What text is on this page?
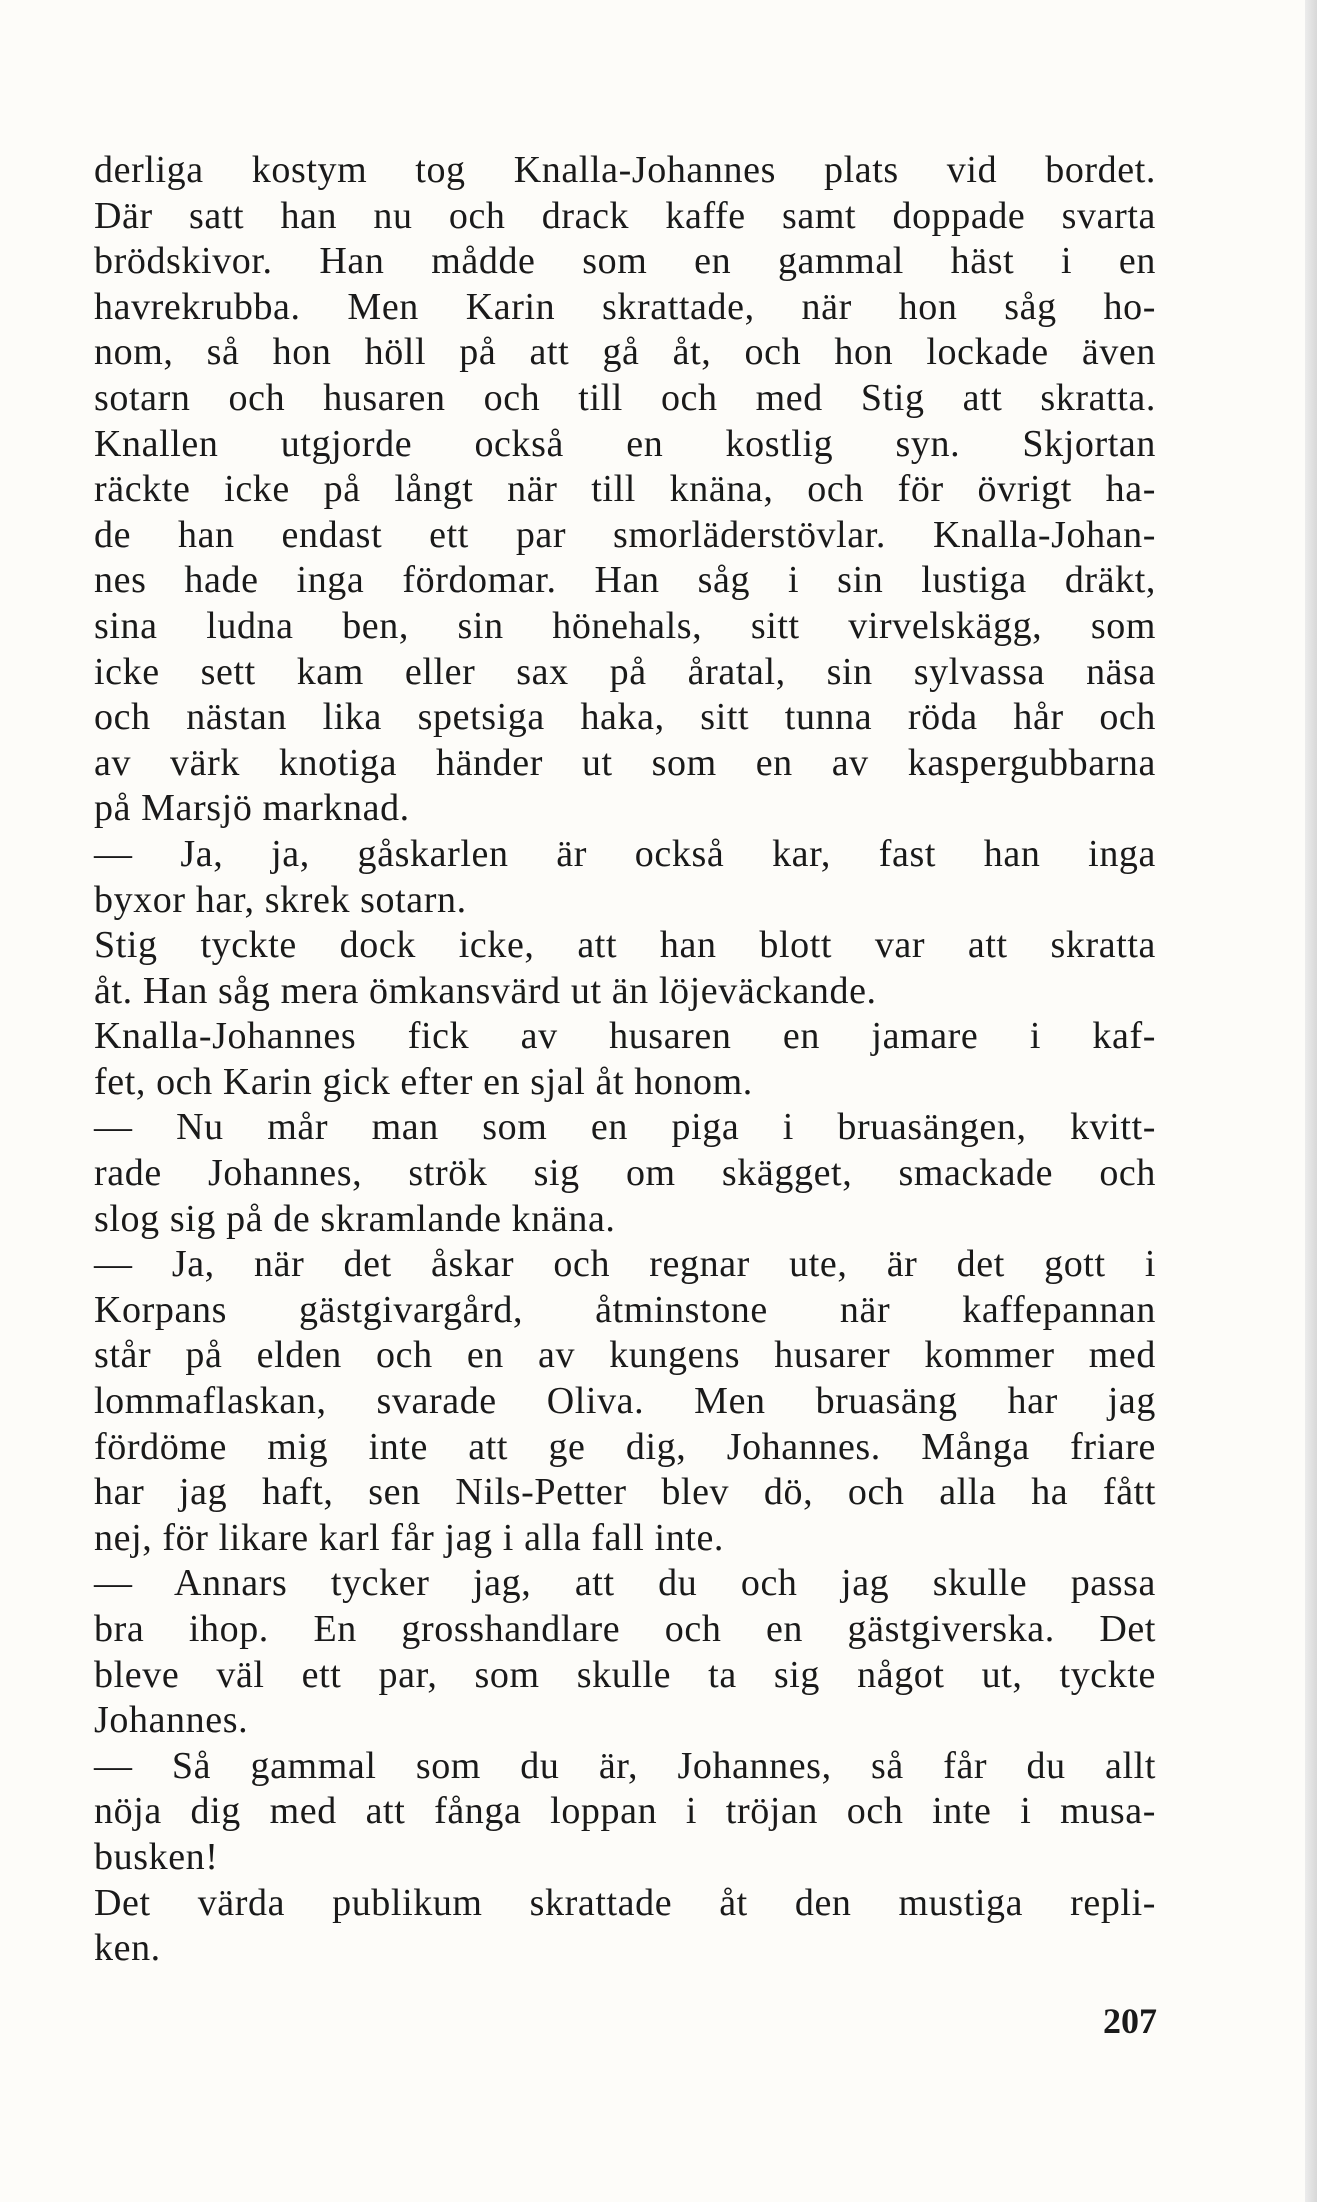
derliga kostym tog Knalla-Johannes plats vid bordet.
Där satt han nu och drack kaffe samt doppade svarta
brödskivor. Han mådde som en gammal häst i en
havrekrubba. Men Karin skrattade, när hon såg ho-
nom, så hon höll på att gå åt, och hon lockade även
sotarn och husaren och till och med Stig att skratta.
Knallen utgjorde också en kostlig syn. Skjortan
räckte icke på långt när till knäna, och för övrigt ha-
de han endast ett par smorläderstövlar. Knalla-Johan-
nes hade inga fördomar. Han såg i sin lustiga dräkt,
sina ludna ben, sin hönehals, sitt virvelskägg, som
icke sett kam eller sax på åratal, sin sylvassa näsa
och nästan lika spetsiga haka, sitt tunna röda hår och
av värk knotiga händer ut som en av kaspergubbarna
på Marsjö marknad.
— Ja, ja, gåskarlen är också kar, fast han inga
byxor har, skrek sotarn.
Stig tyckte dock icke, att han blott var att skratta
åt. Han såg mera ömkansvärd ut än löjeväckande.
Knalla-Johannes fick av husaren en jamare i kaf-
fet, och Karin gick efter en sjal åt honom.
— Nu mår man som en piga i bruasängen, kvitt-
rade Johannes, strök sig om skägget, smackade och
slog sig på de skramlande knäna.
— Ja, när det åskar och regnar ute, är det gott i
Korpans gästgivargård, åtminstone när kaffepannan
står på elden och en av kungens husarer kommer med
lommaflaskan, svarade Oliva. Men bruasäng har jag
fördöme mig inte att ge dig, Johannes. Många friare
har jag haft, sen Nils-Petter blev dö, och alla ha fått
nej, för likare karl får jag i alla fall inte.
— Annars tycker jag, att du och jag skulle passa
bra ihop. En grosshandlare och en gästgiverska. Det
bleve väl ett par, som skulle ta sig något ut, tyckte
Johannes.
— Så gammal som du är, Johannes, så får du allt
nöja dig med att fånga loppan i tröjan och inte i musa-
busken!
Det värda publikum skrattade åt den mustiga repli-
ken.
207
